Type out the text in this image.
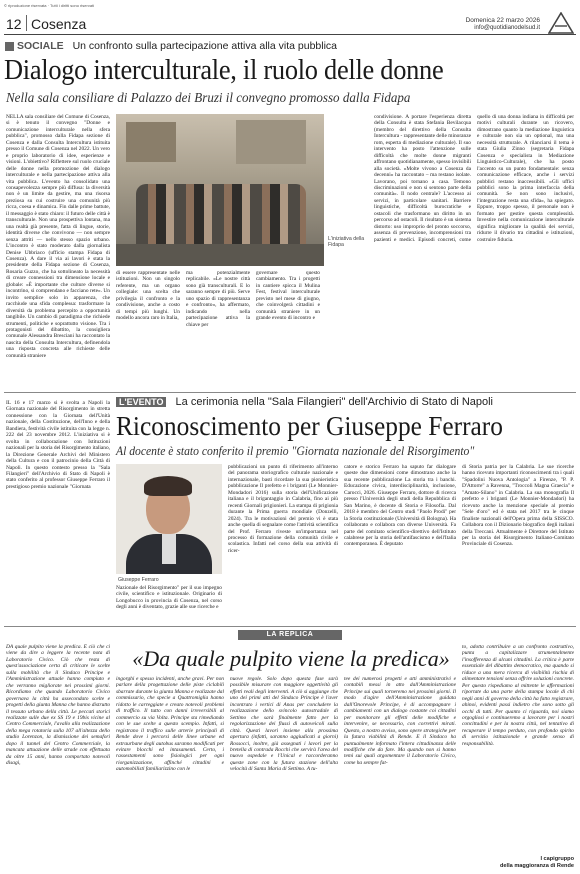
© riproduzione riservata · Tutti i diritti sono riservati
12 Cosenza	Domenica 22 marzo 2026
info@quotidianodelsud.it
SOCIALE Un confronto sulla partecipazione attiva alla vita pubblica
Dialogo interculturale, il ruolo delle donne
Nella sala consiliare di Palazzo dei Bruzi il convegno promosso dalla Fidapa
NELLA sala consiliare del Comune di Cosenza, si è tenuto il convegno "Donne e comunicazione interculturale nella sfera pubblica", promosso dalla Fidapa sezione di Cosenza e dalla Consulta Intercultura istituita presso il Comune di Cosenza nel 2022. Un vero e proprio laboratorio di idee, esperienze e visioni. L'obiettivo? Riflettere sul ruolo cruciale delle donne nella promozione del dialogo interculturale e nella partecipazione attiva alla vita pubblica. L'evento ha consolidato una consapevolezza sempre più diffusa: la diversità non è un limite da gestire, ma una risorsa preziosa su cui costruire una comunità più ricca, coesa e dinamica. Fin dalle prime battute, il messaggio è stato chiaro: il futuro delle città è transculturale. Non una prospettiva lontana, ma una realtà già presente, fatta di lingue, storie, identità diverse che convivono — non sempre senza attriti — nello stesso spazio urbano. L'incontro è stato moderato dalla giornalista Denise Ubbriaco (ufficio stampa Fidapa di Cosenza). A dare il via ai lavori è stata la presidente della Fidapa sezione di Cosenza, Rosaria Guzzo, che ha sottolineato la necessità di creare connessioni tra dimensione locale e globale: «È importante che culture diverse si incontrino, si comprendano e facciano rete». Un invito semplice solo in apparenza, che racchiude una sfida complessa: trasformare la diversità da problema percepito a opportunità tangibile. Un cambio di paradigma che richiede strumenti, politiche e soprattutto visione. Tra i protagonisti del dibattito, la consigliera comunale Alessandra Bresciani ha raccontato la nascita della Consulta Intercultura, definendola una risposta concreta alle richieste delle comunità straniere
L'iniziativa della Fidapa
di essere rappresentate nelle istituzioni. Non un singolo referente, ma un organo collegiale: una scelta che privilegia il confronto e la condivisione, anche a costo di tempi più lunghi. Un modello ancora raro in Italia,
ma potenzialmente replicabile. «Le nostre città sono già transculturali. E lo saranno sempre di più. Serve uno spazio di rappresentanza e confronto», ha affermato, indicando nella partecipazione attiva la chiave per
governare questo cambiamento. Tra i progetti in cantiere spicca il Mulina Fest, festival interculturale previsto nel mese di giugno, che coinvolgerà cittadini e comunità straniere in un grande evento di incontro e
condivisione. A portare l'esperienza diretta della Consulta è stata Stefania Bevilacqua (membro del direttivo della Consulta Intercultura - rappresentante delle minoranze rom, esperta di mediazione culturale). Il suo intervento ha posto l'attenzione sulle difficoltà che molte donne migranti affrontano quotidianamente, spesso invisibili alla società. «Molte vivono a Cosenza da decenni» ha raccontato – ma restano isolate. Lavorano, poi tornano a casa. Temono discriminazioni e non si sentono parte della comunità». Il nodo centrale? L'accesso ai servizi, in particolare sanitari. Barriere linguistiche, difficoltà burocratiche e ostacoli che trasformano un diritto in un percorso ad ostacoli. Il risultato è un sistema distorto: uso improprio del pronto soccorso, assenza di prevenzione, incomprensioni tra pazienti e medici. Episodi concreti, come quello di una donna indiana in difficoltà per motivi culturali durante un ricovero, dimostrano quanto la mediazione linguistica e culturale non sia un optional, ma una necessità strutturale. A rilanciarsi il tema è stata Giulia Zinno (segretaria Fidapa Cosenza e specialista in Mediazione Linguistico-Culturale), che ha posto l'accento su un punto fondamentale: senza comunicazione efficace, anche i servizi pubblici restano inaccessibili. «Gli uffici pubblici sono la prima interfaccia della comunità. Se non sono inclusivi, l'integrazione resta una sfida», ha spiegato. Eppure, troppo spesso, il personale non è formato per gestire questa complessità. Investire nella comunicazione interculturale significa migliorare la qualità dei servizi, ridurre il divario tra cittadini e istituzioni, costruire fiducia.
L'EVENTO La cerimonia nella "Sala Filangieri" dell'Archivio di Stato di Napoli
Riconoscimento per Giuseppe Ferraro
Al docente è stato conferito il premio "Giornata nazionale del Risorgimento"
IL 16 e 17 marzo si è svolta a Napoli la Giornata nazionale del Risorgimento in stretta connessione con la Giornata dell'Unità nazionale, della Costituzione, dell'Inno e della Bandiera, festività civile istituita con la legge n. 222 del 23 novembre 2012. L'iniziativa si è svolta in collaborazione con Istituzioni nazionali per la storia del Risorgimento italiano, la Direzione Generale Archivi del Ministero della Cultura e con il patrocinio della Città di Napoli. In questo contesto presso la "Sala Filangieri" dell'Archivio di Stato di Napoli è stato conferito al professor Giuseppe Ferraro il prestigioso premio nazionale "Giornata
Giuseppe Ferraro
Nazionale del Risorgimento" per il suo impegno civile, scientifico e istituzionale. Originario di Longobucco in provincia di Cosenza, nel corso degli anni è diventato, grazie alle sue ricerche e
pubblicazioni un punto di riferimento all'interno del panorama storiografico culturale nazionale e internazionale, basti ricordare la sua pionieristica pubblicazione Il prefetto e i briganti (Le Monnier-Mondadori 2016) sulla storia dell'Unificazione italiana e il brigantaggio in Calabria, fino ai più recenti Giornali prigionieri. La stampa di prigionia durante la Prima guerra mondiale (Donzelli, 2024). Tra le motivazioni del premio vi è stata anche quella di segnalare come l'attività scientifica del Prof. Ferraro riveste un'importanza nel processo di formazione della comunità civile e scolastica. Infatti nel corso della sua attività di ricer-
catore e storico Ferraro ha saputo far dialogare queste due dimensioni come dimostrano anche la sua recente pubblicazione La storia tra i banchi. Educazione civica, interdisciplinarità, inclusione, Carocci, 2026. Giuseppe Ferraro, dottore di ricerca presso l'Università degli studi della Repubblica di San Marino, è docente di Storia e Filosofia. Dal 2018 è membro del Centro studi "Paolo Prodi" per la Storia costituzionale (Università di Bologna). Ha collaborato e collabora con diverse Università. Fa parte del comitato scientifico-direttivo dell'Istituto calabrese per la storia dell'antifascismo e dell'Italia contemporanea. È deputato
di Storia patria per la Calabria. Le sue ricerche hanno ricevuto importanti riconoscimenti tra i quali "Spadolini Nuova Antologia" a Firenze, "P. P. D'Attorre" a Ravenna, "Troccoli Magna Graecia" e "Amato-Silano" in Calabria. La sua monografia Il prefetto e i briganti (Le Monnier-Mondadori) ha ricevuto anche la menzione speciale al premio "Sele d'oro" ed è stata nel 2017 tra le cinque finaliste nazionali dell'Opera prima della SISSCO. Collabora con il Dizionario biografico degli italiani della Treccani. Attualmente è Direttore del Istituto per la storia del Risorgimento Italiano-Comitato Provinciale di Cosenza.
LA REPLICA
«Da quale pulpito viene la predica»
DA quale pulpito viene la predica. È ciò che ci viene da dire a leggere la recente nota di Laboratorio Civico. Ciò che resta di quest'associazione certa di criticare le scelte sulla mobilità che il Sindaco Principe e l'Amministrazione attuale hanno compiuto e che verranno migliorate nei prossimi giorni. Ricordiamo che quando Laboratorio Civico governava la città ha assecondato scelte e progetti della giunta Manna che hanno distrutto il tessuto urbano della città. Le peccati storici realizzate sulle due ex SS 19 e 19bis vicine al Centro Commerciale, l'avallo alla realizzazione della mega rotatoria sulla 107 all'altezza dello studio Lorenzon, la dismissione dei semafori dopo il tunnel del Centro Commerciale, la mancata attuazione delle strade con effettuata da oltre 15 anni, hanno comportato notevoli disagi,
ingorghi e spesso incidenti, anche gravi. Per non parlare della progettazione delle piste ciclabili sbarrate durante la giunta Manna e realizzate dal commissario, che specie a Quattromiglia hanno ridotto le carreggiate e creato notevoli problemi di traffico. Il tutto con danni irreversibili al commercio su via Volta. Principe sta rimediando con le sue scelte a questo scempio. Infatti, si registrano il traffico sulle arterie principali di Rende dove i percorsi delle linee urbane ed extraurbane degli autobus saranno modificati per evitare blocchi ed intasamenti. Certo, i rassestamenti sono fisiologici per ogni riorganizzazione, affinché cittadini e automobilisti familiarizzino con le
nuove regole. Solo dopo questa fase sarà possibile misurare con maggiore oggettività gli effetti reali degli interventi. A ciò si aggiunge che uno dei primi atti del Sindaco Principe è l'aver incontrato i vertici di Anas per concludere la realizzazione dello svincolo autostradale di Settimo che sarà finalmente fatto per la regolarizzazione dei flussi di autoveicoli sulla città. Questi lavori insieme alla prossima apertura (infatti, saranno aggiudicati a giorni) Rossocci, inoltre, già assegnati i lavori per la bretella di contrada Rocchi che servirà l'area del nuovo ospedale e l'Unical e raccorderanno queste zone con la futura stazione dell'alta velocità di Santa Maria di Settimo. A tu-
tee dei numerosi progetti e atti amministrativi e contabili messi in atto dall'Amministrazione Principe sui quali torneremo nei prossimi giorni. Il modo d'agire dell'Amministrazione guidata dall'Onorevole Principe, è di accompagnare i cambiamenti con un dialogo costante coi cittadini per monitorare gli effetti delle modifiche e intervenire, se necessario, con correttivi mirati. Questo, a nostro avviso, sono opere strategiche per la futura viabilità di Rende. E il Sindaco ha puntualmente informato l'intera cittadinanza delle modifiche che da fare. Ma quando non si hanno temi sui quali argomentare il Laboratorio Civico, come ha sempre fat-
to, adotta contribuire a un confronto costruttivo, punta a capitalizzare strumentalmente l'insofferenza di alcuni cittadini. La critica è parte essenziale del dibattito democratico, ma quando si riduce a una mera ricerca di visibilità rischia di alimentare tensioni senza offrire soluzioni concrete. Per questo rispediamo al mittente le affermazioni riportate da una parte della stampa locale di chi negli anni di governo della città ha fatto registrare, ahinoi, evidenti passi indietro che sono sotto gli occhi di tutti. Per quanto ci riguarda, noi siamo orgogliosi e continueremo a lavorare per i nostri concittadini e per la nostra città, nel tentativo di recuperare il tempo perduto, con profondo spirito di servizio istituzionale e grande senso di responsabilità.
I capigruppo
della maggioranza di Rende
